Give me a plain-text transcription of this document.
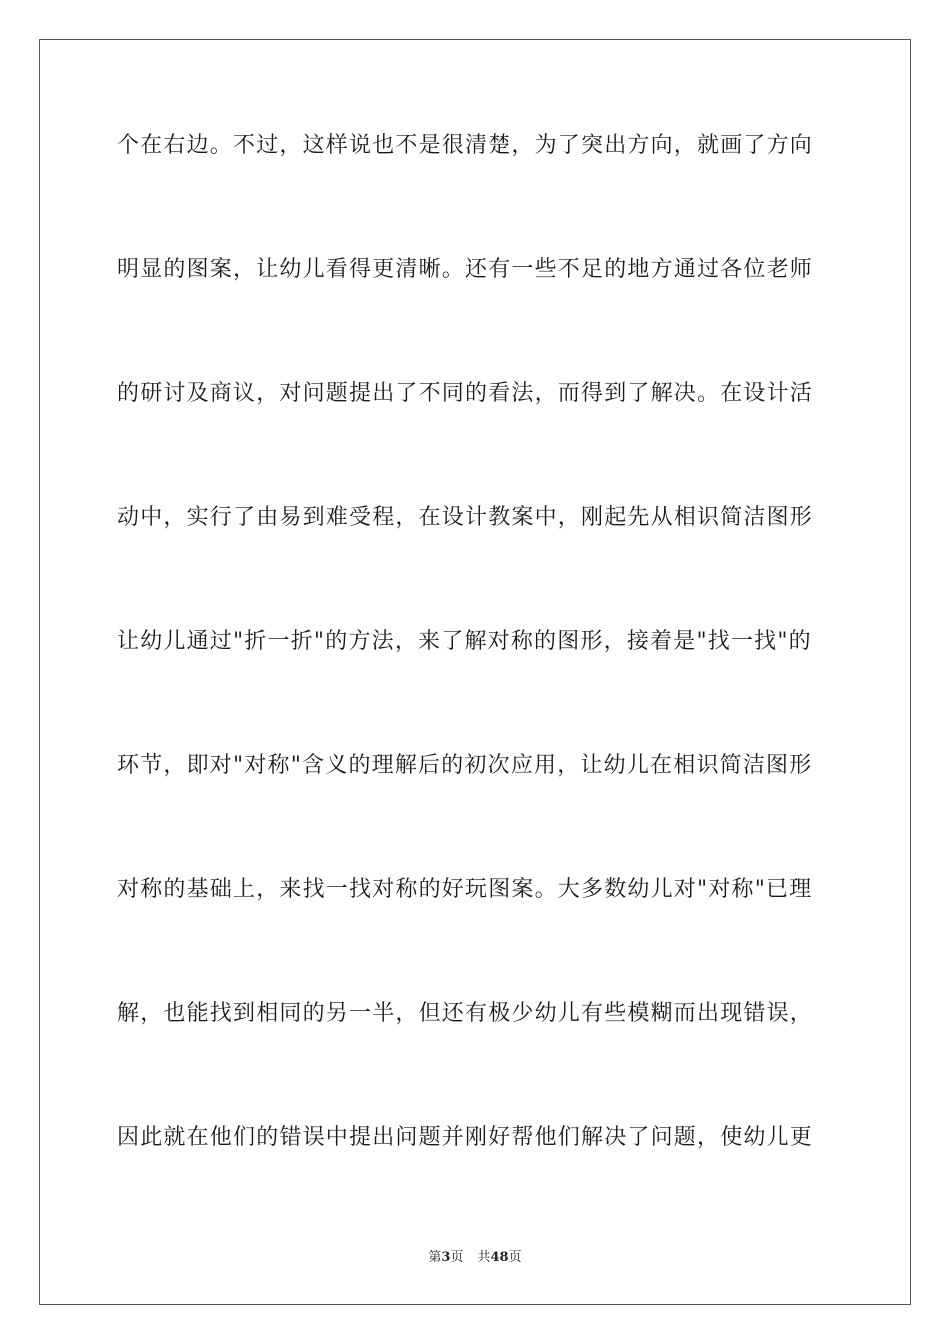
个在右边。不过，这样说也不是很清楚，为了突出方向，就画了方向
明显的图案，让幼儿看得更清晰。还有一些不足的地方通过各位老师
的研讨及商议，对问题提出了不同的看法，而得到了解决。在设计活
动中，实行了由易到难受程，在设计教案中，刚起先从相识简洁图形
让幼儿通过"折一折"的方法，来了解对称的图形，接着是"找一找"的
环节，即对"对称"含义的理解后的初次应用，让幼儿在相识简洁图形
对称的基础上，来找一找对称的好玩图案。大多数幼儿对"对称"已理
解，也能找到相同的另一半，但还有极少幼儿有些模糊而出现错误，
因此就在他们的错误中提出问题并刚好帮他们解决了问题，使幼儿更
第3页 共48页
